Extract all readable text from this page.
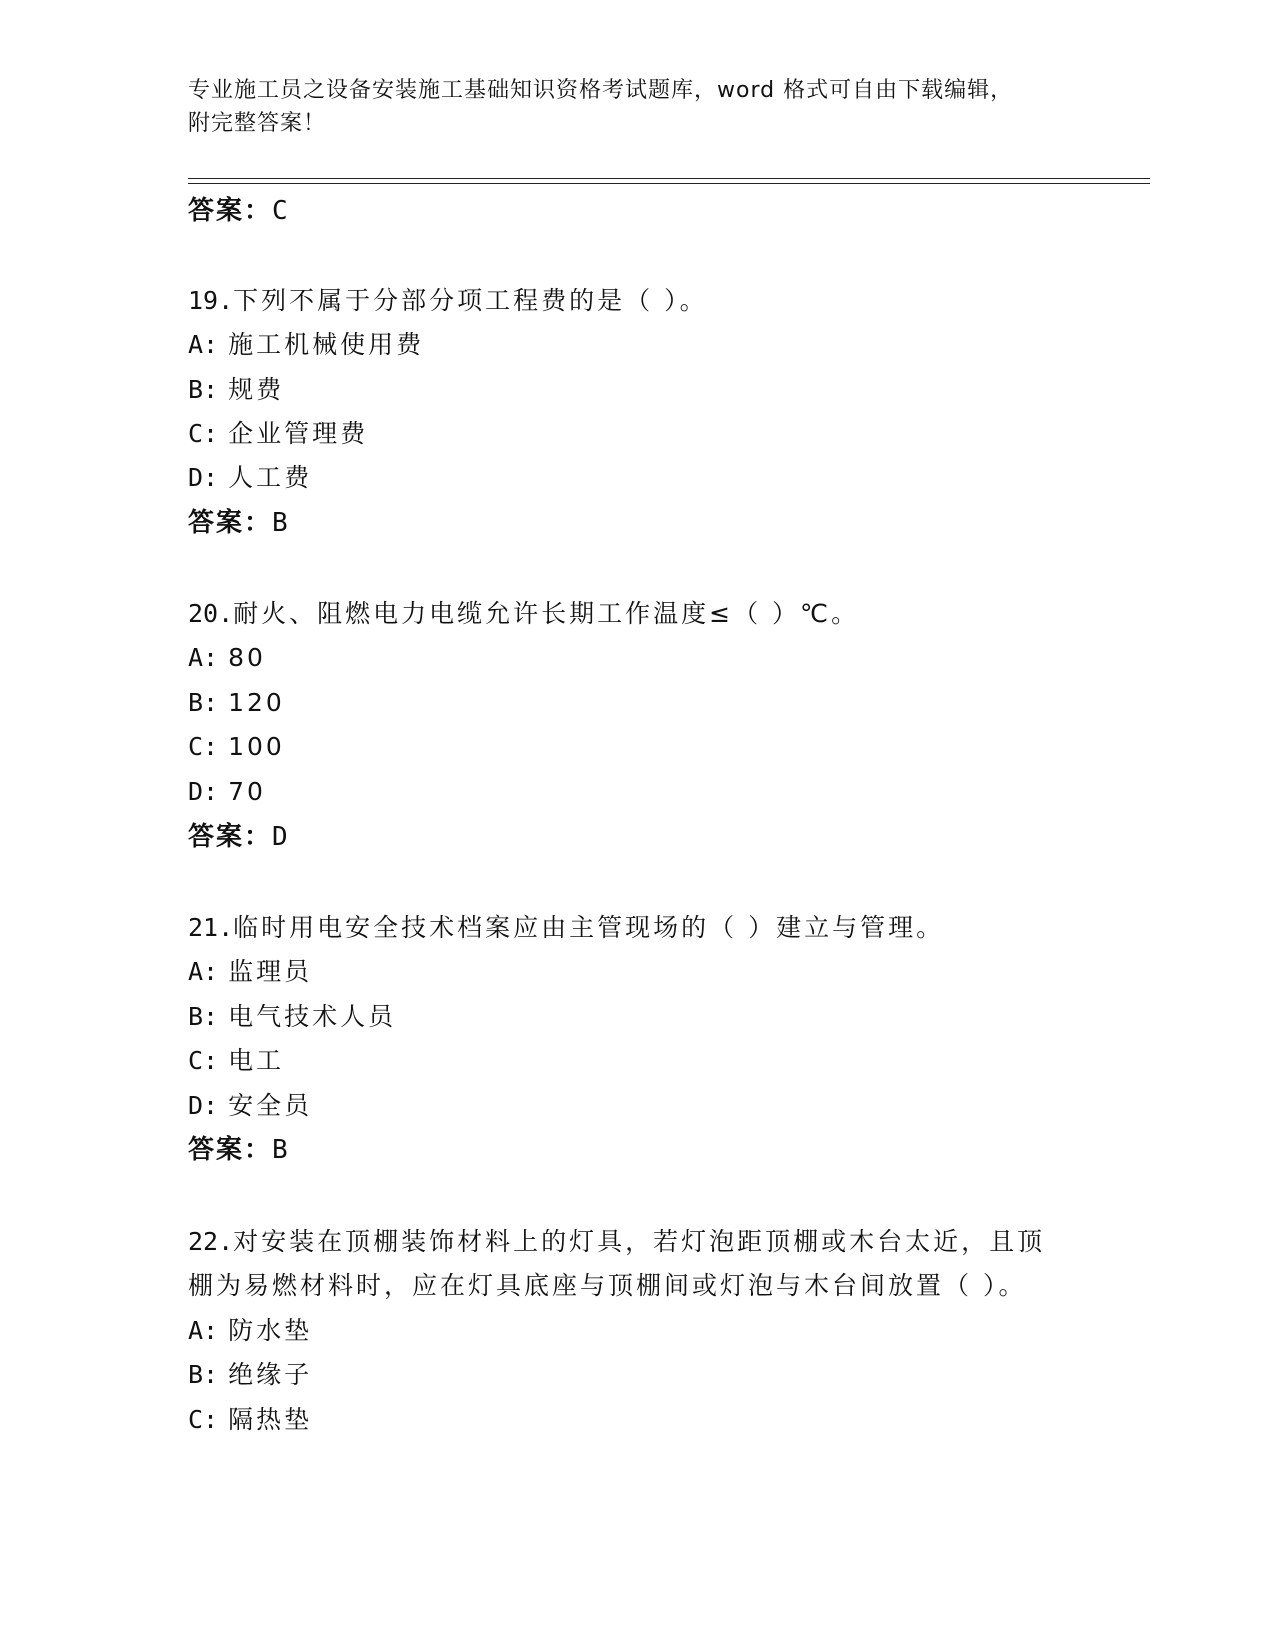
专业施工员之设备安装施工基础知识资格考试题库，word 格式可自由下载编辑，
附完整答案！
答案：C
19.下列不属于分部分项工程费的是（ ）。
A: 施工机械使用费
B: 规费
C: 企业管理费
D: 人工费
答案：B
20.耐火、阻燃电力电缆允许长期工作温度≤（ ）℃。
A: 80
B: 120
C: 100
D: 70
答案：D
21.临时用电安全技术档案应由主管现场的（ ）建立与管理。
A: 监理员
B: 电气技术人员
C: 电工
D: 安全员
答案：B
22.对安装在顶棚装饰材料上的灯具，若灯泡距顶棚或木台太近，且顶
棚为易燃材料时，应在灯具底座与顶棚间或灯泡与木台间放置（ ）。
A: 防水垫
B: 绝缘子
C: 隔热垫
